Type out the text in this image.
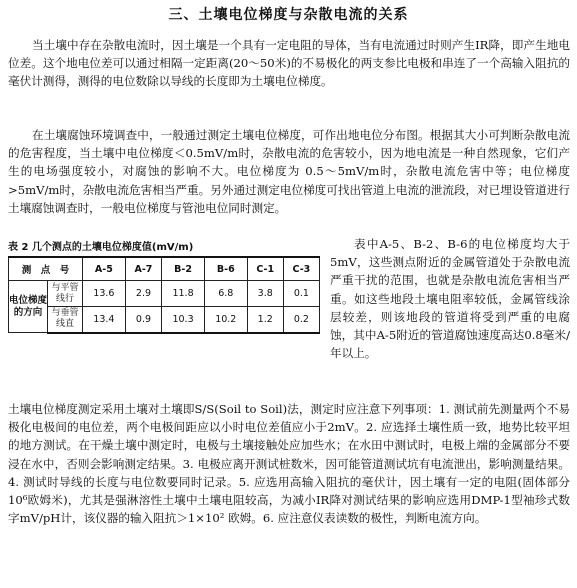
三、土壤电位梯度与杂散电流的关系
当土壤中存在杂散电流时，因土壤是一个具有一定电阻的导体，当有电流通过时则产生IR降，即产生地电位差。这个地电位差可以通过相隔一定距离(20～50米)的不易极化的两支参比电极和串连了一个高输入阻抗的毫伏计测得，测得的电位数除以导线的长度即为土壤电位梯度。
在土壤腐蚀环境调查中，一般通过测定土壤电位梯度，可作出地电位分布图。根据其大小可判断杂散电流的危害程度，当土壤中电位梯度＜0.5mV/m时，杂散电流的危害较小，因为地电流是一种自然现象，它们产生的电场强度较小，对腐蚀的影响不大。电位梯度为 0.5～5mV/m时，杂散电流危害中等；电位梯度 >5mV/m时，杂散电流危害相当严重。另外通过测定电位梯度可找出管道上电流的泄流段，对已埋设管道进行土壤腐蚀调查时，一般电位梯度与管池电位同时测定。
表 2 几个测点的土壤电位梯度值(mV/m)
测　点　号		A-5	A-7	B-2	B-6	C-1	C-3
电位梯度的方向	与平管线行	13.6	2.9	11.8	6.8	3.8	0.1
	与垂管线直	13.4	0.9	10.3	10.2	1.2	0.2
表中A-5、B-2、B-6的电位梯度均大于5mV，这些测点附近的金属管道处于杂散电流严重干扰的范围，也就是杂散电流危害相当严重。如这些地段土壤电阻率较低，金属管线涂层较差，则该地段的管道将受到严重的电腐蚀，其中A-5附近的管道腐蚀速度高达0.8毫米/年以上。
土壤电位梯度测定采用土壤对土壤即S/S(Soil to Soil)法，测定时应注意下列事项：1. 测试前先测量两个不易极化电极间的电位差，两个电极间距应以小时电位差值应小于2mV。2. 应选择土壤性质一致，地势比较平坦的地方测试。在干燥土壤中测定时，电极与土壤接触处应加些水；在水田中测试时，电极上端的金属部分不要浸在水中，否则会影响测定结果。3. 电极应离开测试桩数米，因可能管道测试坑有电流泄出，影响测量结果。4. 测试时导线的长度与电位数要同时记录。5. 应选用高输入阻抗的毫伏计，因土壤有一定的电阻(固体部分10⁶欧姆米)，尤其是强淋溶性土壤中土壤电阻较高，为减小IR降对测试结果的影响应选用DMP-1型袖珍式数字mV/pH计，该仪器的输入阻抗＞1×10² 欧姆。6. 应注意仪表读数的极性，判断电流方向。
